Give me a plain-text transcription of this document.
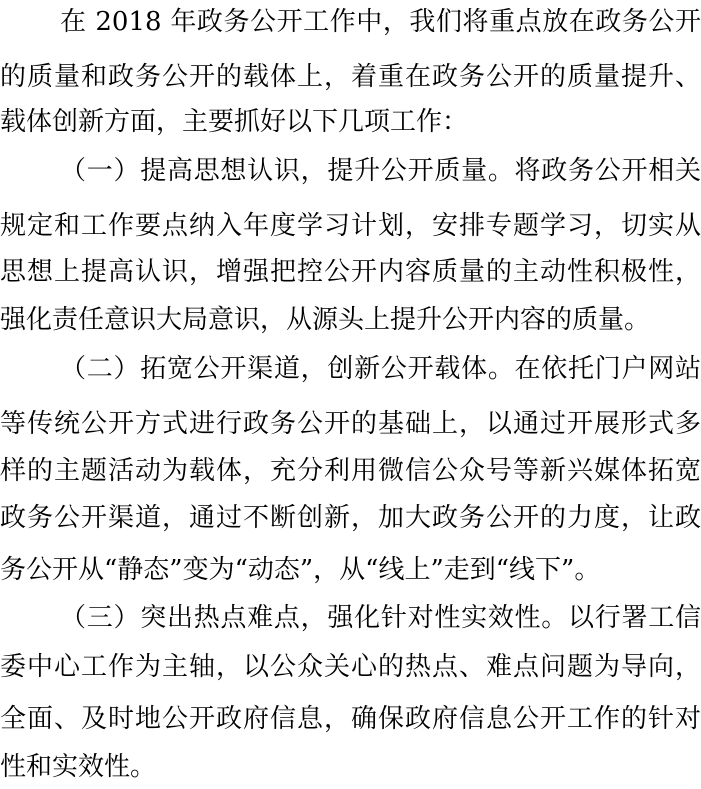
在 2018 年政务公开工作中，我们将重点放在政务公开
的质量和政务公开的载体上，着重在政务公开的质量提升、
载体创新方面，主要抓好以下几项工作：
（一）提高思想认识，提升公开质量。将政务公开相关
规定和工作要点纳入年度学习计划，安排专题学习，切实从
思想上提高认识，增强把控公开内容质量的主动性积极性，
强化责任意识大局意识，从源头上提升公开内容的质量。
（二）拓宽公开渠道，创新公开载体。在依托门户网站
等传统公开方式进行政务公开的基础上，以通过开展形式多
样的主题活动为载体，充分利用微信公众号等新兴媒体拓宽
政务公开渠道，通过不断创新，加大政务公开的力度，让政
务公开从“静态”变为“动态”，从“线上”走到“线下”。
（三）突出热点难点，强化针对性实效性。以行署工信
委中心工作为主轴，以公众关心的热点、难点问题为导向，
全面、及时地公开政府信息，确保政府信息公开工作的针对
性和实效性。
